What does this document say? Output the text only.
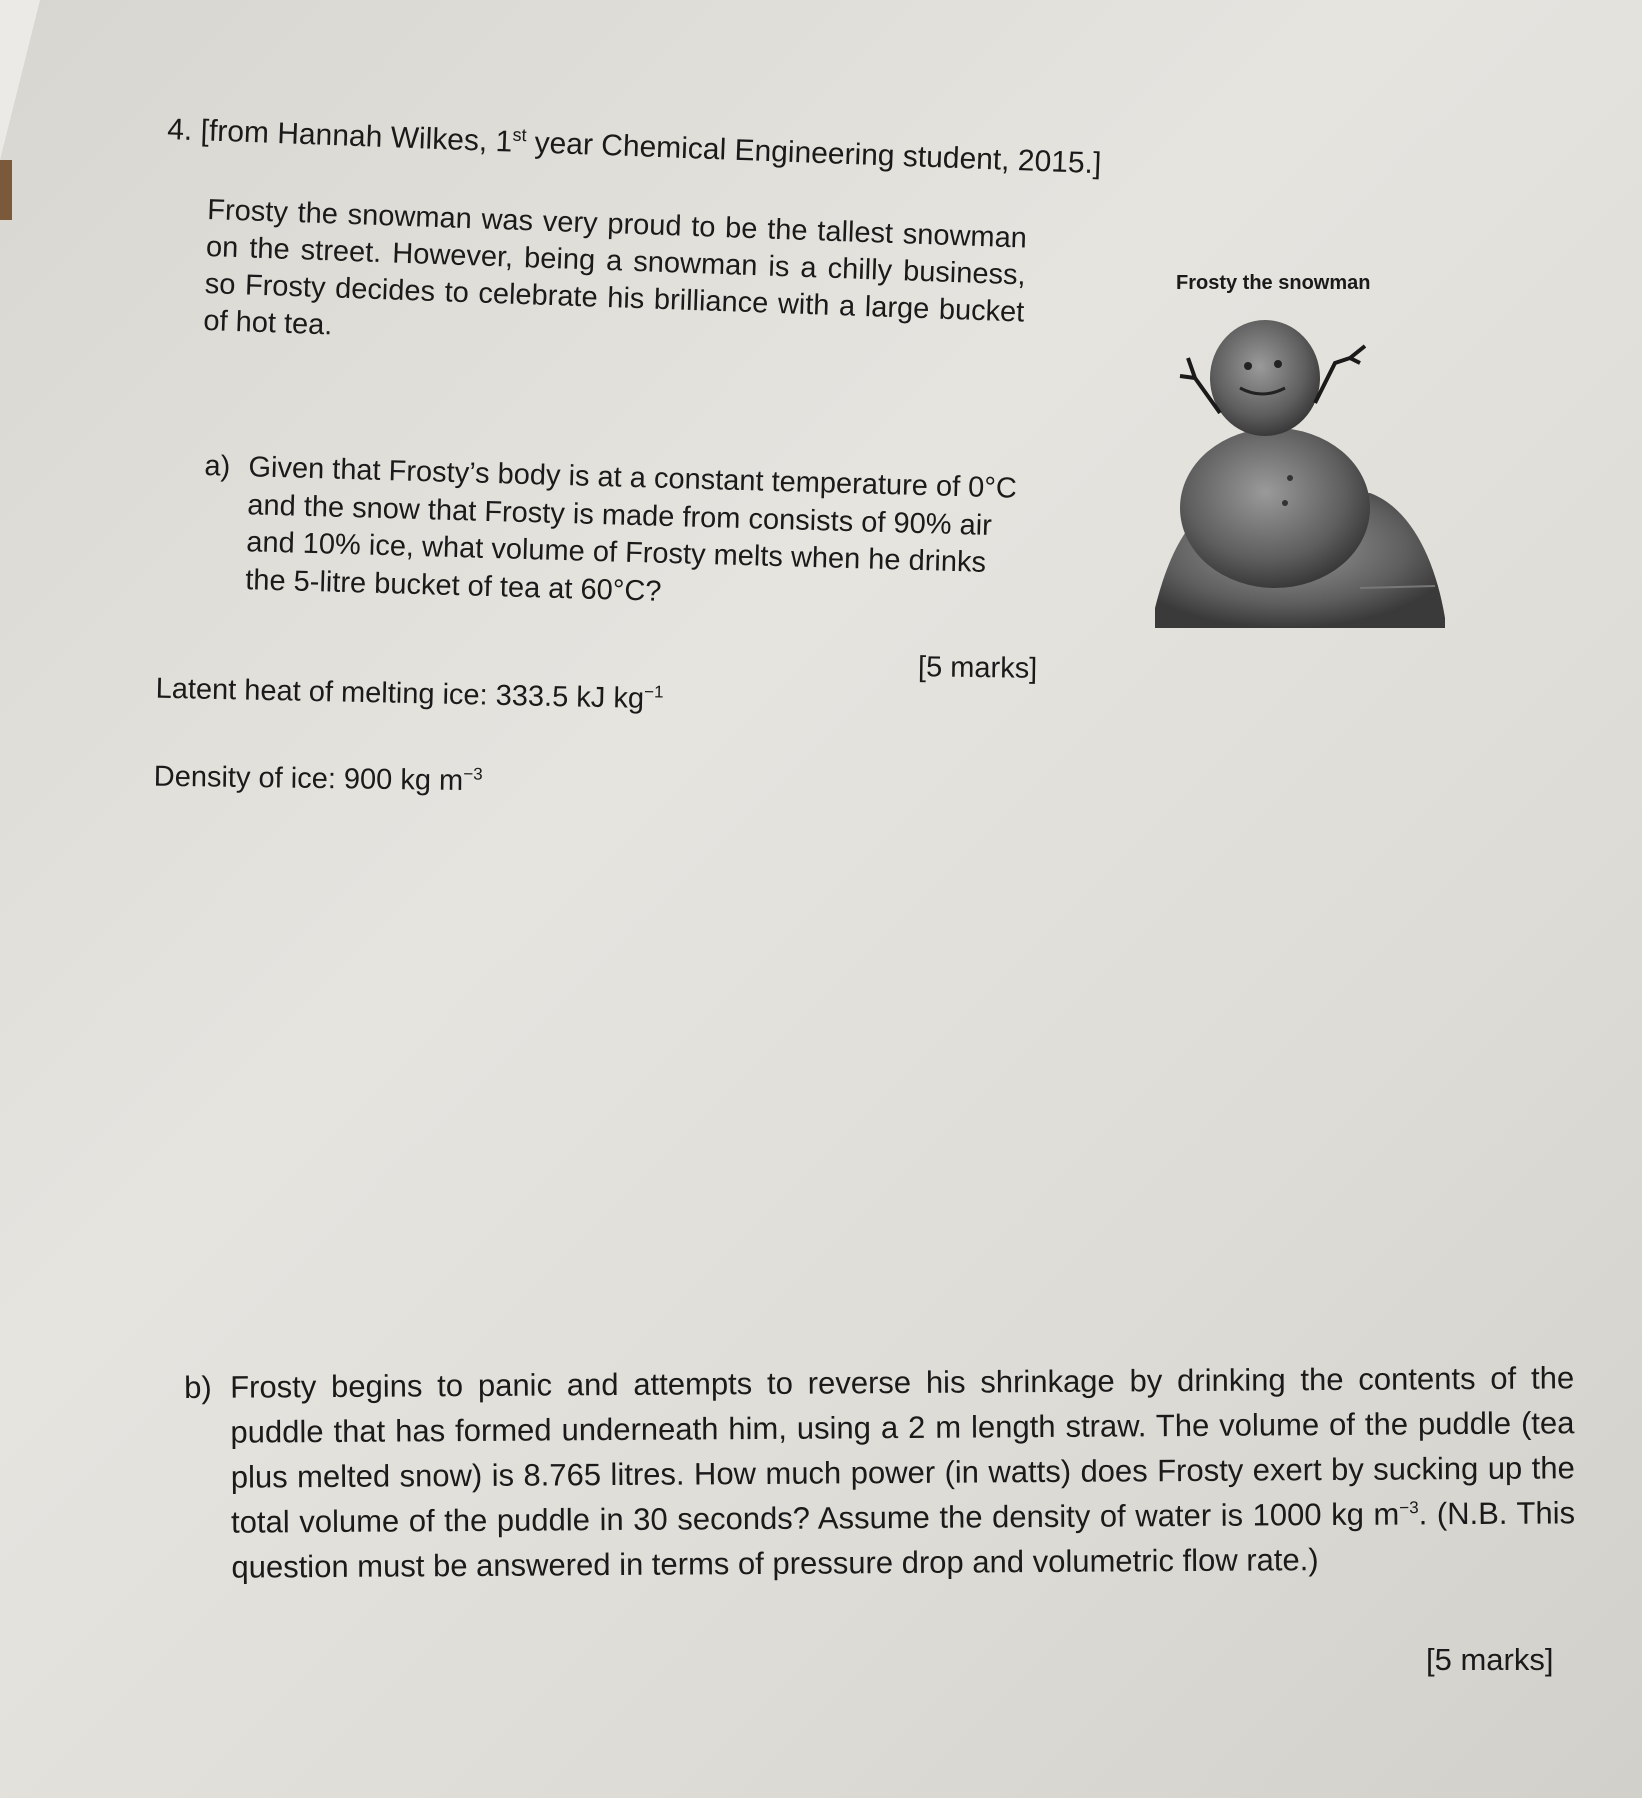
4. [from Hannah Wilkes, 1st year Chemical Engineering student, 2015.]
Frosty the snowman was very proud to be the tallest snowman on the street. However, being a snowman is a chilly business, so Frosty decides to celebrate his brilliance with a large bucket of hot tea.
a) Given that Frosty’s body is at a constant temperature of 0°C and the snow that Frosty is made from consists of 90% air and 10% ice, what volume of Frosty melts when he drinks the 5-litre bucket of tea at 60°C?
[5 marks]
Latent heat of melting ice: 333.5 kJ $kg^{-1}$
Density of ice: 900 kg $m^{-3}$
Frosty the snowman
b) Frosty begins to panic and attempts to reverse his shrinkage by drinking the contents of the puddle that has formed underneath him, using a 2 m length straw. The volume of the puddle (tea plus melted snow) is 8.765 litres. How much power (in watts) does Frosty exert by sucking up the total volume of the puddle in 30 seconds? Assume the density of water is 1000 kg $m^{-3}$. (N.B. This question must be answered in terms of pressure drop and volumetric flow rate.)
[5 marks]
